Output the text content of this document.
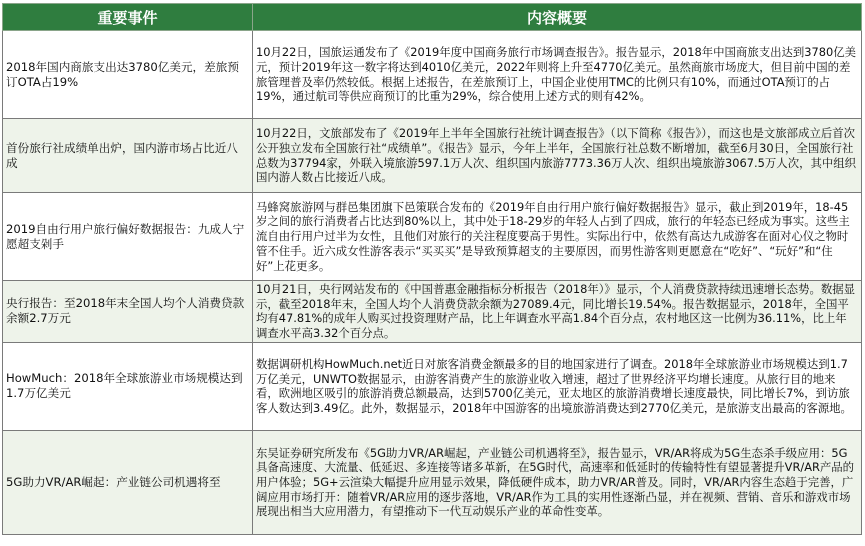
重要事件	内容概要
2018年国内商旅支出达3780亿美元，差旅预订OTA占19%	10月22日，国旅运通发布了《2019年度中国商务旅行市场调查报告》。报告显示，2018年中国商旅支出达到3780亿美元，预计2019年这一数字将达到4010亿美元，2022年则将上升至4770亿美元。虽然商旅市场庞大，但目前中国的差旅管理普及率仍然较低。根据上述报告，在差旅预订上，中国企业使用TMC的比例只有10%，而通过OTA预订的占19%，通过航司等供应商预订的比重为29%，综合使用上述方式的则有42%。
首份旅行社成绩单出炉，国内游市场占比近八成	10月22日，文旅部发布了《2019年上半年全国旅行社统计调查报告》（以下简称《报告》），而这也是文旅部成立后首次公开独立发布全国旅行社“成绩单”。《报告》显示，今年上半年，全国旅行社总数不断增加，截至6月30日，全国旅行社总数为37794家，外联入境旅游597.1万人次、组织国内旅游7773.36万人次、组织出境旅游3067.5万人次，其中组织国内游人数占比接近八成。
2019自由行用户旅行偏好数据报告：九成人宁愿超支剁手	马蜂窝旅游网与群邑集团旗下邑策联合发布的《2019年自由行用户旅行偏好数据报告》显示，截止到2019年，18-45岁之间的旅行消费者占比达到80%以上，其中处于18-29岁的年轻人占到了四成，旅行的年轻态已经成为事实。这些主流自由行用户过半为女性，且他们对旅行的关注程度要高于男性。实际出行中，依然有高达九成游客在面对心仪之物时管不住手。近六成女性游客表示“买买买”是导致预算超支的主要原因，而男性游客则更愿意在“吃好”、“玩好”和“住好”上花更多。
央行报告：至2018年末全国人均个人消费贷款余额2.7万元	10月21日，央行网站发布的《中国普惠金融指标分析报告（2018年）》显示，个人消费贷款持续迅速增长态势。数据显示，截至2018年末，全国人均个人消费贷款余额为27089.4元，同比增长19.54%。报告数据显示，2018年，全国平均有47.81%的成年人购买过投资理财产品，比上年调查水平高1.84个百分点，农村地区这一比例为36.11%，比上年调查水平高3.32个百分点。
HowMuch：2018年全球旅游业市场规模达到1.7万亿美元	数据调研机构HowMuch.net近日对旅客消费金额最多的目的地国家进行了调查。2018年全球旅游业市场规模达到1.7万亿美元，UNWTO数据显示，由游客消费产生的旅游业收入增速，超过了世界经济平均增长速度。从旅行目的地来看，欧洲地区吸引的旅游消费总额最高，达到5700亿美元，亚太地区的旅游消费增长速度最快，同比增长7%，到访旅客人数达到3.49亿。此外，数据显示，2018年中国游客的出境旅游消费达到2770亿美元，是旅游支出最高的客源地。
5G助力VR/AR崛起：产业链公司机遇将至	东吴证券研究所发布《5G助力VR/AR崛起，产业链公司机遇将至》，报告显示，VR/AR将成为5G生态杀手级应用：5G具备高速度、大流量、低延迟、多连接等诸多革新，在5G时代，高速率和低延时的传输特性有望显著提升VR/AR产品的用户体验；5G+云渲染大幅提升应用显示效果，降低硬件成本，助力VR/AR普及。同时，VR/AR内容生态趋于完善，广阔应用市场打开：随着VR/AR应用的逐步落地，VR/AR作为工具的实用性逐渐凸显，并在视频、营销、音乐和游戏市场展现出相当大应用潜力，有望推动下一代互动娱乐产业的革命性变革。
